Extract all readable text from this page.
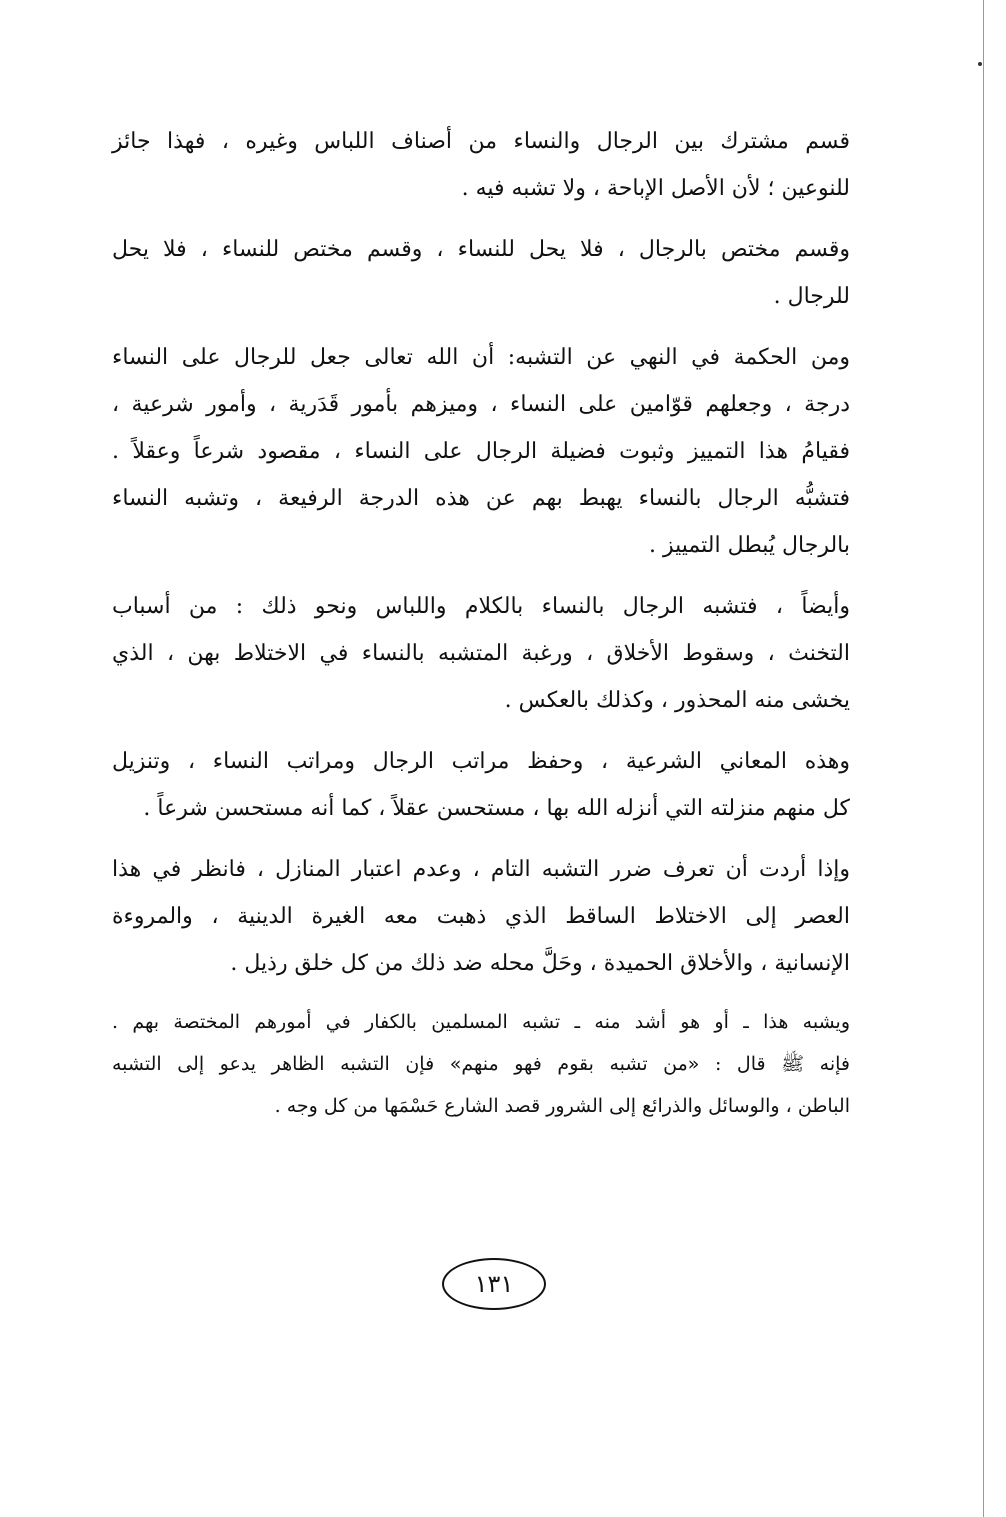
قسم مشترك بين الرجال والنساء من أصناف اللباس وغيره ، فهذا جائز
للنوعين ؛ لأن الأصل الإباحة ، ولا تشبه فيه .

وقسم مختص بالرجال ، فلا يحل للنساء ، وقسم مختص للنساء ، فلا يحل
للرجال .

ومن الحكمة في النهي عن التشبه: أن الله تعالى جعل للرجال على النساء
درجة ، وجعلهم قوّامين على النساء ، وميزهم بأمور قَدَرية ، وأمور شرعية ،
فقيامُ هذا التمييز وثبوت فضيلة الرجال على النساء ، مقصود شرعاً وعقلاً .
فتشبُّه الرجال بالنساء يهبط بهم عن هذه الدرجة الرفيعة ، وتشبه النساء
بالرجال يُبطل التمييز .

وأيضاً ، فتشبه الرجال بالنساء بالكلام واللباس ونحو ذلك : من أسباب
التخنث ، وسقوط الأخلاق ، ورغبة المتشبه بالنساء في الاختلاط بهن ، الذي
يخشى منه المحذور ، وكذلك بالعكس .

وهذه المعاني الشرعية ، وحفظ مراتب الرجال ومراتب النساء ، وتنزيل
كل منهم منزلته التي أنزله الله بها ، مستحسن عقلاً ، كما أنه مستحسن شرعاً .

وإذا أردت أن تعرف ضرر التشبه التام ، وعدم اعتبار المنازل ، فانظر في هذا
العصر إلى الاختلاط الساقط الذي ذهبت معه الغيرة الدينية ، والمروءة
الإنسانية ، والأخلاق الحميدة ، وحَلَّ محله ضد ذلك من كل خلق رذيل .

ويشبه هذا ـ أو هو أشد منه ـ تشبه المسلمين بالكفار في أمورهم المختصة بهم .
فإنه ﷺ قال : «من تشبه بقوم فهو منهم» فإن التشبه الظاهر يدعو إلى التشبه
الباطن ، والوسائل والذرائع إلى الشرور قصد الشارع حَسْمَها من كل وجه .

١٣١
